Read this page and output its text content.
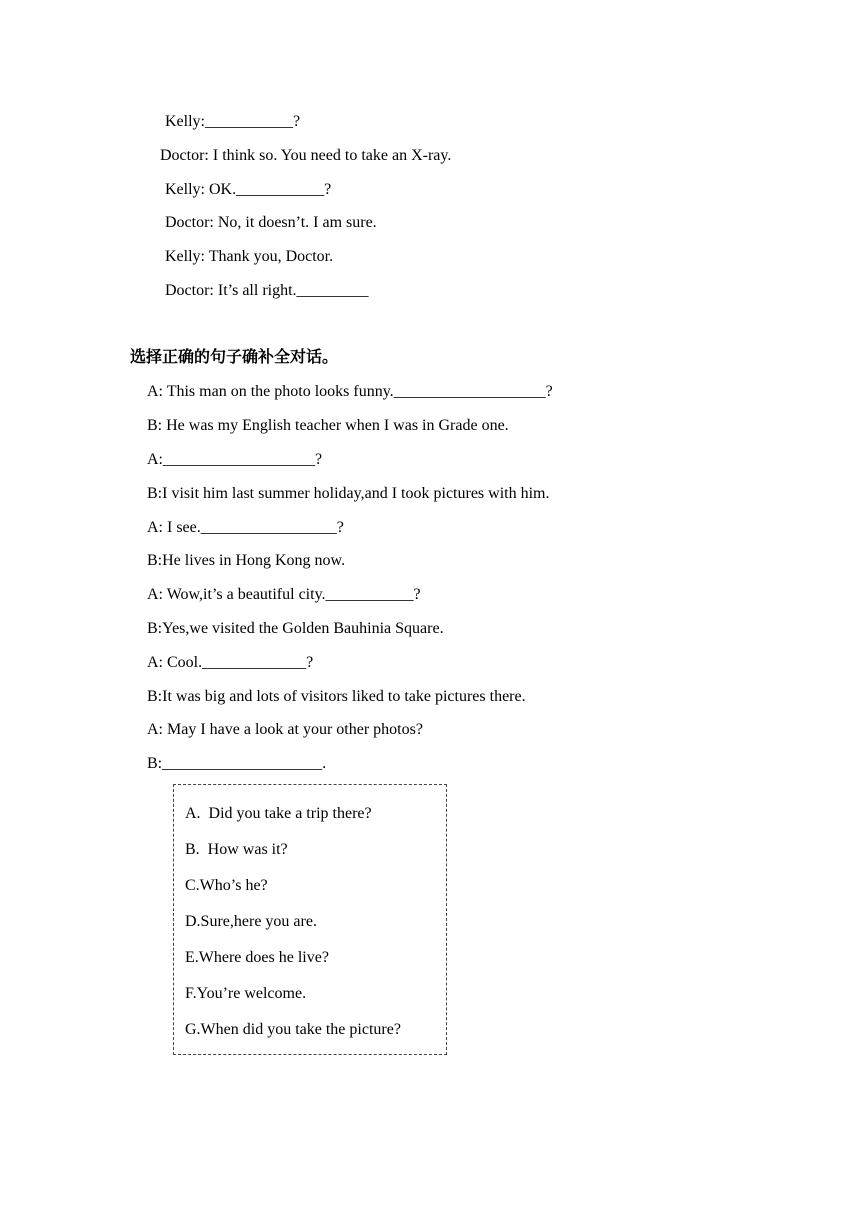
Kelly:___________?
Doctor: I think so. You need to take an X-ray.
Kelly: OK.___________?
Doctor: No, it doesn’t. I am sure.
Kelly: Thank you, Doctor.
Doctor: It’s all right._________
选择正确的句子确补全对话。
A: This man on the photo looks funny.___________________?
B: He was my English teacher when I was in Grade one.
A:___________________?
B:I visit him last summer holiday,and I took pictures with him.
A: I see._________________?
B:He lives in Hong Kong now.
A: Wow,it’s a beautiful city.___________?
B:Yes,we visited the Golden Bauhinia Square.
A: Cool._____________?
B:It was big and lots of visitors liked to take pictures there.
A: May I have a look at your other photos?
B:____________________.
A.  Did you take a trip there?
B.  How was it?
C.Who’s he?
D.Sure,here you are.
E.Where does he live?
F.You’re welcome.
G.When did you take the picture?
